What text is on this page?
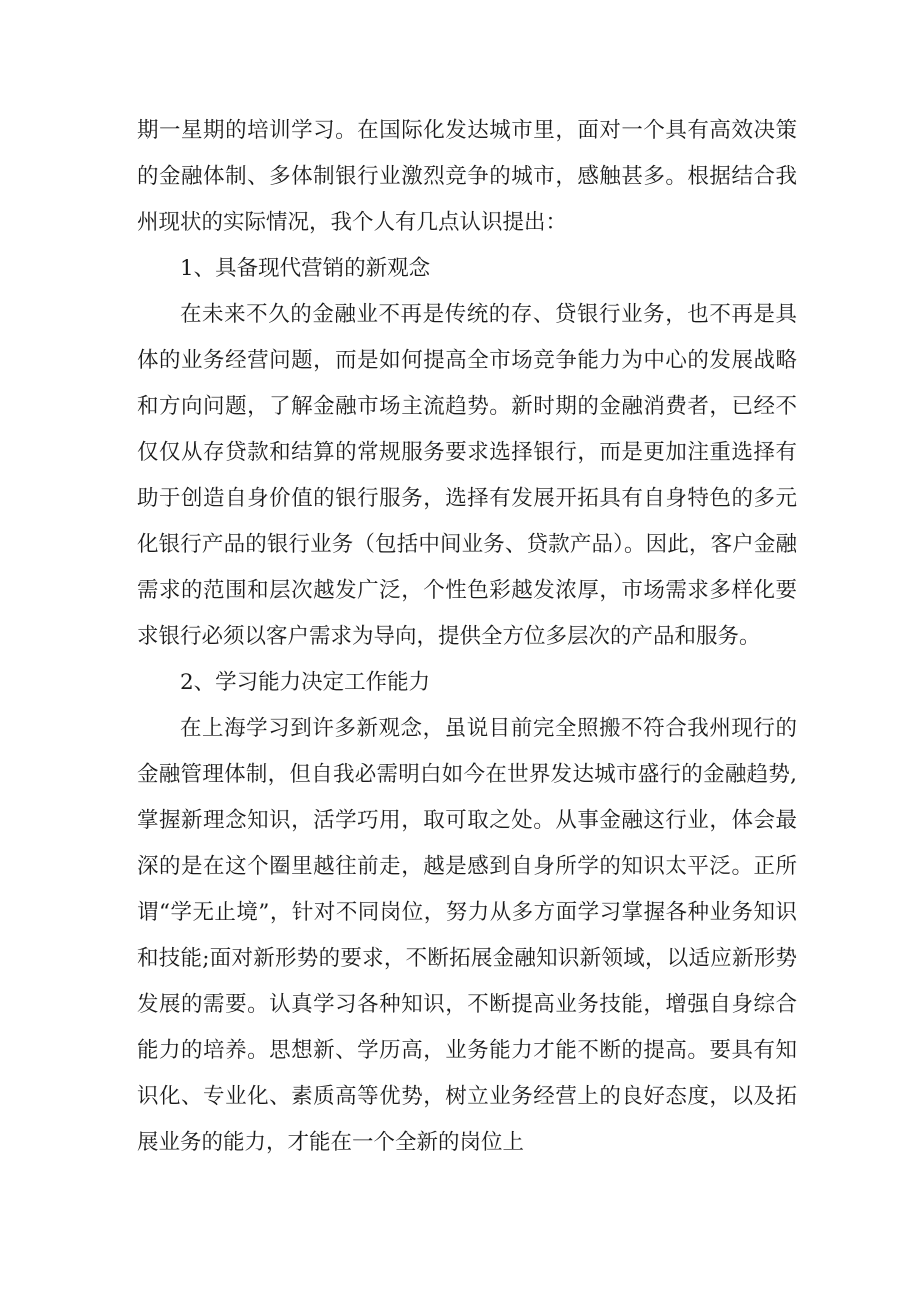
期一星期的培训学习。在国际化发达城市里，面对一个具有高效决策的金融体制、多体制银行业激烈竞争的城市，感触甚多。根据结合我州现状的实际情况，我个人有几点认识提出：

1、具备现代营销的新观念

在未来不久的金融业不再是传统的存、贷银行业务，也不再是具体的业务经营问题，而是如何提高全市场竞争能力为中心的发展战略和方向问题，了解金融市场主流趋势。新时期的金融消费者，已经不仅仅从存贷款和结算的常规服务要求选择银行，而是更加注重选择有助于创造自身价值的银行服务，选择有发展开拓具有自身特色的多元化银行产品的银行业务（包括中间业务、贷款产品）。因此，客户金融需求的范围和层次越发广泛，个性色彩越发浓厚，市场需求多样化要求银行必须以客户需求为导向，提供全方位多层次的产品和服务。

2、学习能力决定工作能力

在上海学习到许多新观念，虽说目前完全照搬不符合我州现行的金融管理体制，但自我必需明白如今在世界发达城市盛行的金融趋势,掌握新理念知识，活学巧用，取可取之处。从事金融这行业，体会最深的是在这个圈里越往前走，越是感到自身所学的知识太平泛。正所谓“学无止境”，针对不同岗位，努力从多方面学习掌握各种业务知识和技能;面对新形势的要求，不断拓展金融知识新领域，以适应新形势发展的需要。认真学习各种知识，不断提高业务技能，增强自身综合能力的培养。思想新、学历高，业务能力才能不断的提高。要具有知识化、专业化、素质高等优势，树立业务经营上的良好态度，以及拓展业务的能力，才能在一个全新的岗位上
